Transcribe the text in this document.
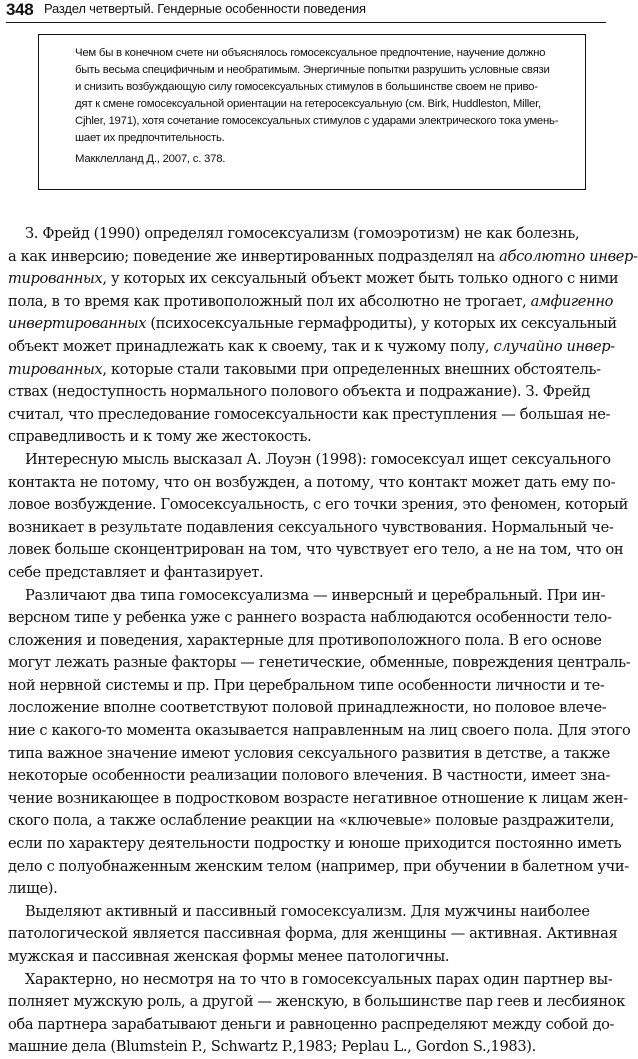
348 Раздел четвертый. Гендерные особенности поведения
Чем бы в конечном счете ни объяснялось гомосексуальное предпочтение, научение должно
быть весьма специфичным и необратимым. Энергичные попытки разрушить условные связи
и снизить возбуждающую силу гомосексуальных стимулов в большинстве своем не приво-
дят к смене гомосексуальной ориентации на гетеросексуальную (см. Birk, Huddleston, Miller,
Cjhler, 1971), хотя сочетание гомосексуальных стимулов с ударами электрического тока умень-
шает их предпочтительность.
Макклелланд Д., 2007, с. 378.
З. Фрейд (1990) определял гомосексуализм (гомоэротизм) не как болезнь,
а как инверсию; поведение же инвертированных подразделял на абсолютно инвер-
тированных, у которых их сексуальный объект может быть только одного с ними
пола, в то время как противоположный пол их абсолютно не трогает, амфигенно
инвертированных (психосексуальные гермафродиты), у которых их сексуальный
объект может принадлежать как к своему, так и к чужому полу, случайно инвер-
тированных, которые стали таковыми при определенных внешних обстоятель-
ствах (недоступность нормального полового объекта и подражание). З. Фрейд
считал, что преследование гомосексуальности как преступления — большая не-
справедливость и к тому же жестокость.
Интересную мысль высказал А. Лоуэн (1998): гомосексуал ищет сексуального
контакта не потому, что он возбужден, а потому, что контакт может дать ему по-
ловое возбуждение. Гомосексуальность, с его точки зрения, это феномен, который
возникает в результате подавления сексуального чувствования. Нормальный че-
ловек больше сконцентрирован на том, что чувствует его тело, а не на том, что он
себе представляет и фантазирует.
Различают два типа гомосексуализма — инверсный и церебральный. При ин-
версном типе у ребенка уже с раннего возраста наблюдаются особенности тело-
сложения и поведения, характерные для противоположного пола. В его основе
могут лежать разные факторы — генетические, обменные, повреждения централь-
ной нервной системы и пр. При церебральном типе особенности личности и те-
лосложение вполне соответствуют половой принадлежности, но половое влече-
ние с какого-то момента оказывается направленным на лиц своего пола. Для этого
типа важное значение имеют условия сексуального развития в детстве, а также
некоторые особенности реализации полового влечения. В частности, имеет зна-
чение возникающее в подростковом возрасте негативное отношение к лицам жен-
ского пола, а также ослабление реакции на «ключевые» половые раздражители,
если по характеру деятельности подростку и юноше приходится постоянно иметь
дело с полуобнаженным женским телом (например, при обучении в балетном учи-
лище).
Выделяют активный и пассивный гомосексуализм. Для мужчины наиболее
патологической является пассивная форма, для женщины — активная. Активная
мужская и пассивная женская формы менее патологичны.
Характерно, но несмотря на то что в гомосексуальных парах один партнер вы-
полняет мужскую роль, а другой — женскую, в большинстве пар геев и лесбиянок
оба партнера зарабатывают деньги и равноценно распределяют между собой до-
машние дела (Blumstein P., Schwartz P.,1983; Peplau L., Gordon S.,1983).
